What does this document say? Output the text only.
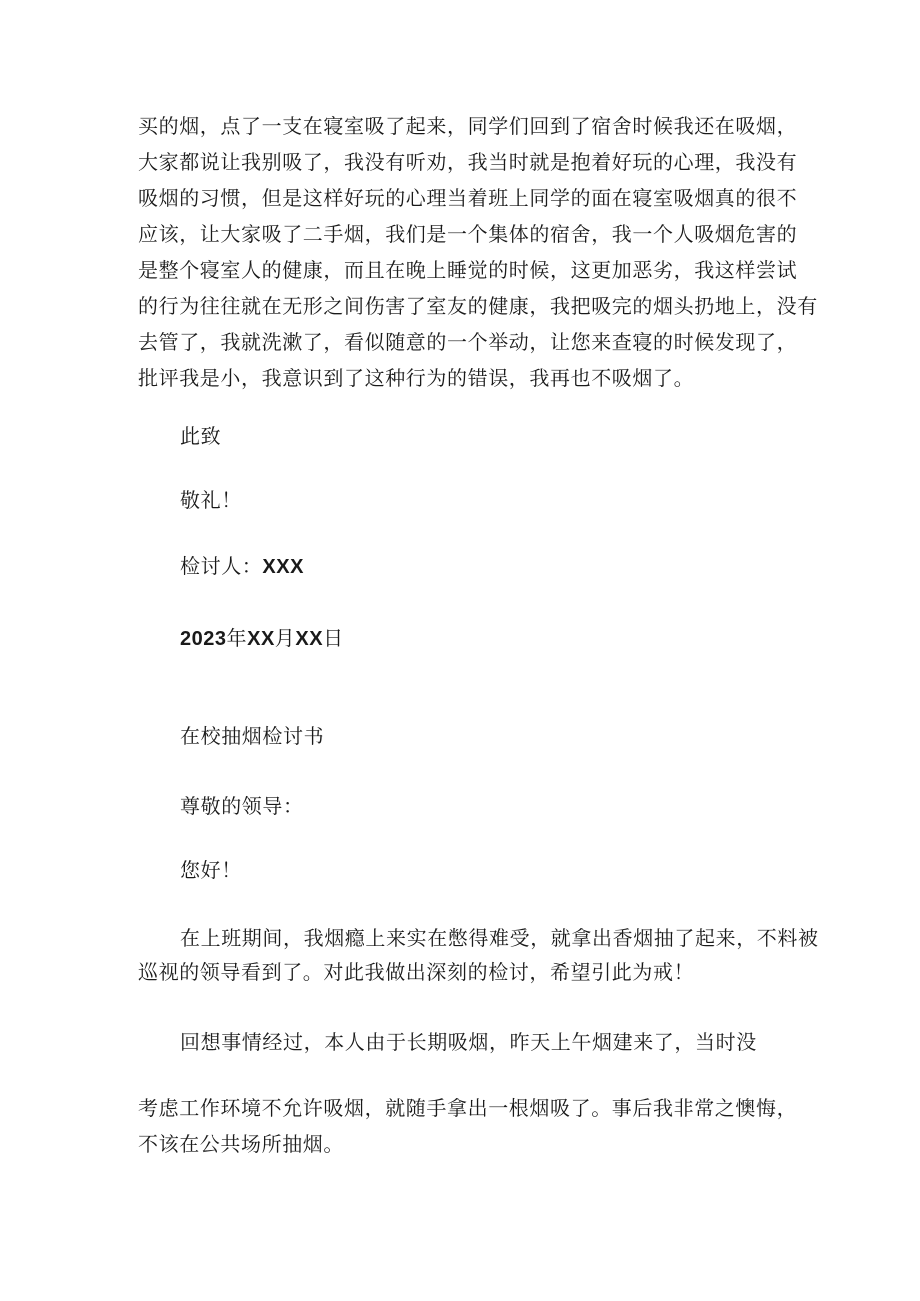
买的烟，点了一支在寝室吸了起来，同学们回到了宿舍时候我还在吸烟，
大家都说让我别吸了，我没有听劝，我当时就是抱着好玩的心理，我没有
吸烟的习惯，但是这样好玩的心理当着班上同学的面在寝室吸烟真的很不
应该，让大家吸了二手烟，我们是一个集体的宿舍，我一个人吸烟危害的
是整个寝室人的健康，而且在晚上睡觉的时候，这更加恶劣，我这样尝试
的行为往往就在无形之间伤害了室友的健康，我把吸完的烟头扔地上，没有
去管了，我就洗漱了，看似随意的一个举动，让您来查寝的时候发现了，
批评我是小，我意识到了这种行为的错误，我再也不吸烟了。
此致
敬礼！
检讨人：XXX
2023年XX月XX日
在校抽烟检讨书
尊敬的领导：
您好！
在上班期间，我烟瘾上来实在憋得难受，就拿出香烟抽了起来，不料被
巡视的领导看到了。对此我做出深刻的检讨，希望引此为戒！
回想事情经过，本人由于长期吸烟，昨天上午烟建来了，当时没
考虑工作环境不允许吸烟，就随手拿出一根烟吸了。事后我非常之懊悔，
不该在公共场所抽烟。
